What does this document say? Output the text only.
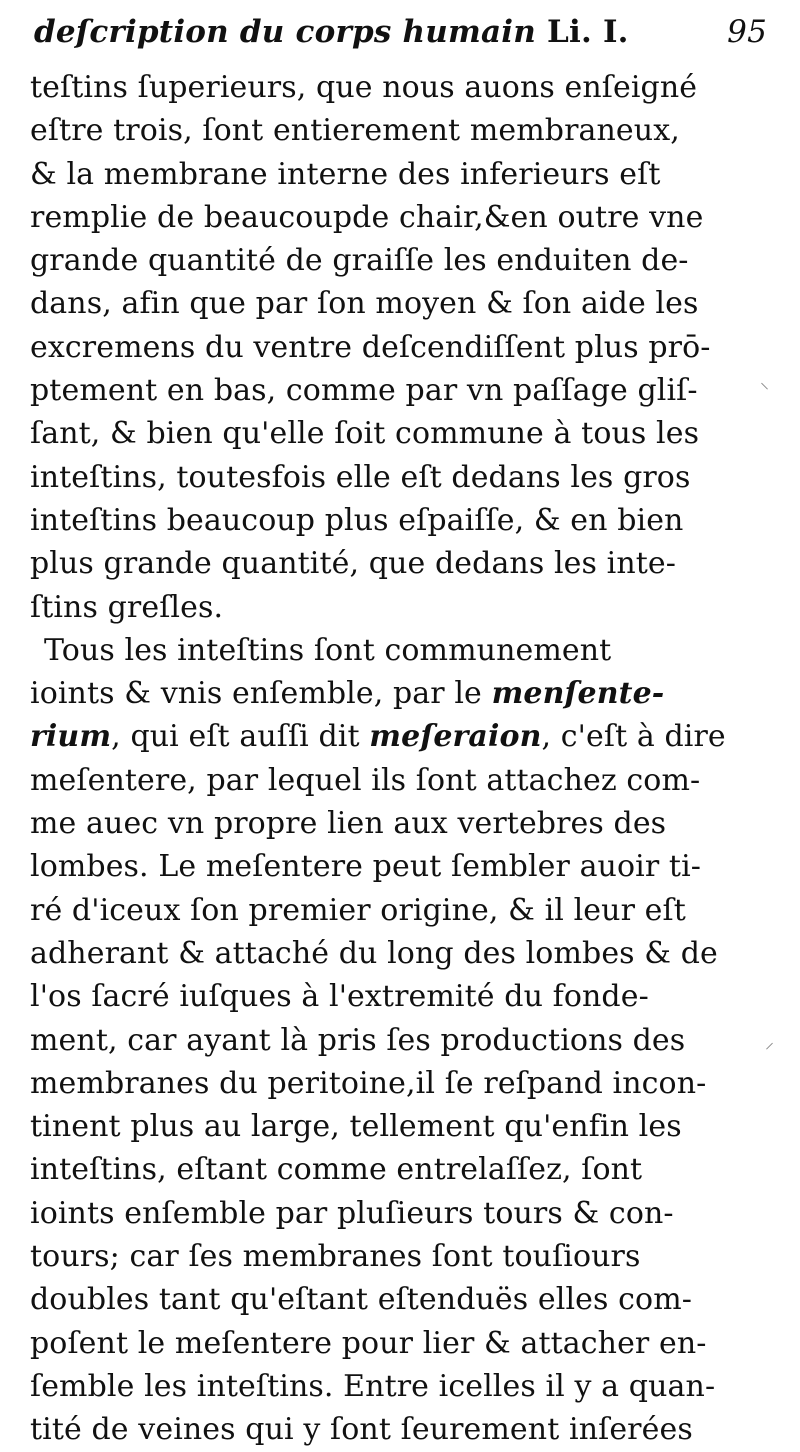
deſcription du corps humain Li. I.	95
teſtins ſuperieurs, que nous auons enſeigné
eſtre trois, ſont entierement membraneux,
& la membrane interne des inferieurs eſt
remplie de beaucoupde chair,&en outre vne
grande quantité de graiſſe les enduiten de-
dans, afin que par ſon moyen & ſon aide les
excremens du ventre deſcendiſſent plus prō-
ptement en bas, comme par vn paſſage gliſ-
ſant, & bien qu'elle ſoit commune à tous les
inteſtins, toutesfois elle eſt dedans les gros
inteſtins beaucoup plus eſpaiſſe, & en bien
plus grande quantité, que dedans les inte-
ſtins greſles.
Tous les inteſtins ſont communement
ioints & vnis enſemble, par le menſente-
rium, qui eſt auſſi dit meſeraion, c'eſt à dire
meſentere, par lequel ils ſont attachez com-
me auec vn propre lien aux vertebres des
lombes. Le meſentere peut ſembler auoir ti-
ré d'iceux ſon premier origine, & il leur eſt
adherant & attaché du long des lombes & de
l'os ſacré iuſques à l'extremité du fonde-
ment, car ayant là pris ſes productions des
membranes du peritoine,il ſe reſpand incon-
tinent plus au large, tellement qu'enfin les
inteſtins, eſtant comme entrelaſſez, ſont
ioints enſemble par pluſieurs tours & con-
tours; car ſes membranes ſont touſiours
doubles tant qu'eſtant eſtenduës elles com-
poſent le meſentere pour lier & attacher en-
ſemble les inteſtins. Entre icelles il y a quan-
tité de veines qui y ſont ſeurement inſerées
⸜
⸝
